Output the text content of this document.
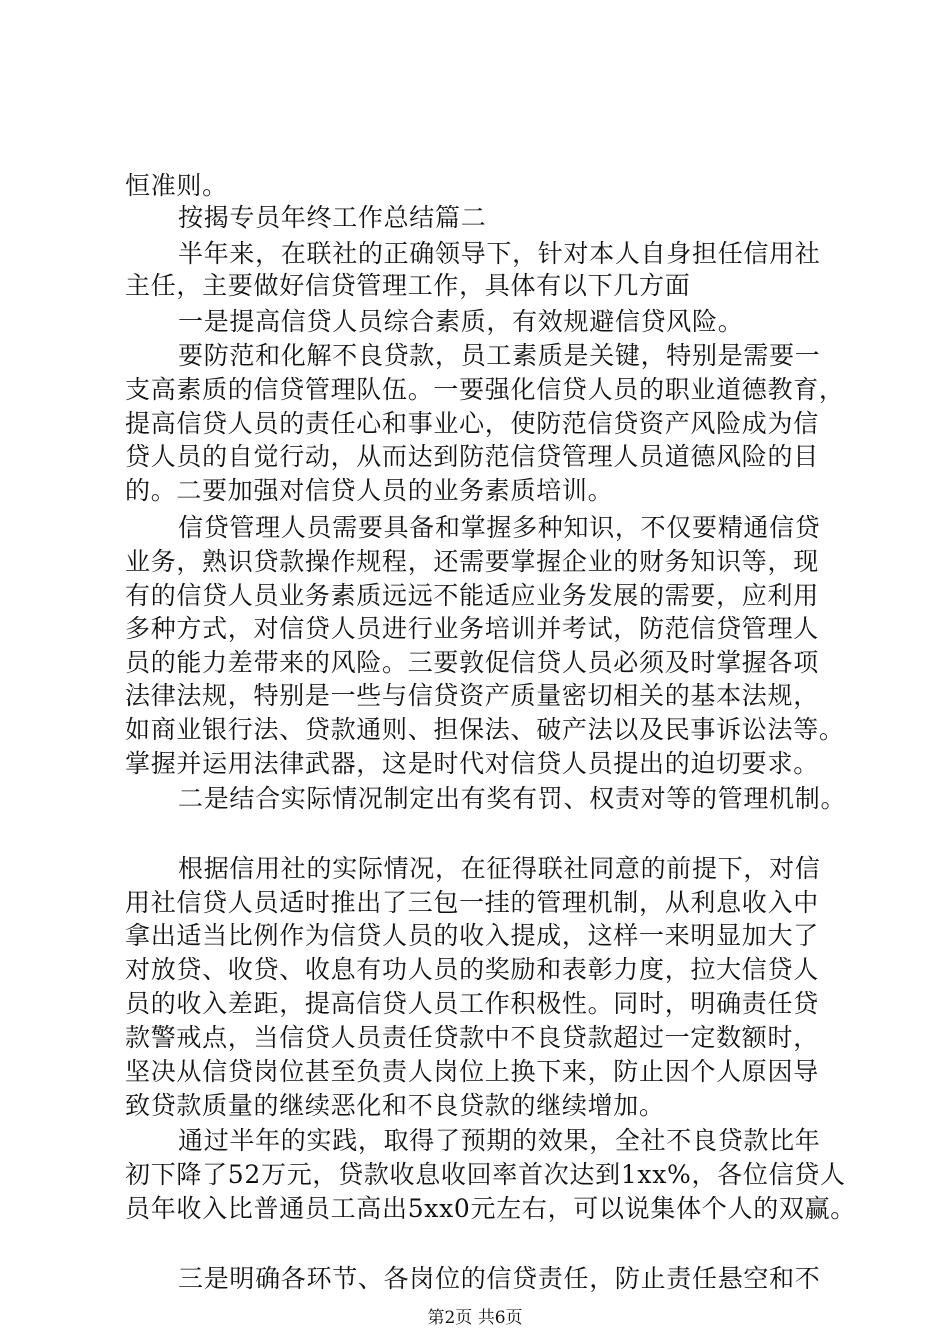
恒准则。
按揭专员年终工作总结篇二
半年来，在联社的正确领导下，针对本人自身担任信用社
主任，主要做好信贷管理工作，具体有以下几方面
一是提高信贷人员综合素质，有效规避信贷风险。
要防范和化解不良贷款，员工素质是关键，特别是需要一
支高素质的信贷管理队伍。一要强化信贷人员的职业道德教育，
提高信贷人员的责任心和事业心，使防范信贷资产风险成为信
贷人员的自觉行动，从而达到防范信贷管理人员道德风险的目
的。二要加强对信贷人员的业务素质培训。
信贷管理人员需要具备和掌握多种知识，不仅要精通信贷
业务，熟识贷款操作规程，还需要掌握企业的财务知识等，现
有的信贷人员业务素质远远不能适应业务发展的需要，应利用
多种方式，对信贷人员进行业务培训并考试，防范信贷管理人
员的能力差带来的风险。三要敦促信贷人员必须及时掌握各项
法律法规，特别是一些与信贷资产质量密切相关的基本法规，
如商业银行法、贷款通则、担保法、破产法以及民事诉讼法等。
掌握并运用法律武器，这是时代对信贷人员提出的迫切要求。
二是结合实际情况制定出有奖有罚、权责对等的管理机制。
根据信用社的实际情况，在征得联社同意的前提下，对信
用社信贷人员适时推出了三包一挂的管理机制，从利息收入中
拿出适当比例作为信贷人员的收入提成，这样一来明显加大了
对放贷、收贷、收息有功人员的奖励和表彰力度，拉大信贷人
员的收入差距，提高信贷人员工作积极性。同时，明确责任贷
款警戒点，当信贷人员责任贷款中不良贷款超过一定数额时，
坚决从信贷岗位甚至负责人岗位上换下来，防止因个人原因导
致贷款质量的继续恶化和不良贷款的继续增加。
通过半年的实践，取得了预期的效果，全社不良贷款比年
初下降了52万元，贷款收息收回率首次达到1xx%，各位信贷人
员年收入比普通员工高出5xx0元左右，可以说集体个人的双赢。
三是明确各环节、各岗位的信贷责任，防止责任悬空和不
第2页 共6页
